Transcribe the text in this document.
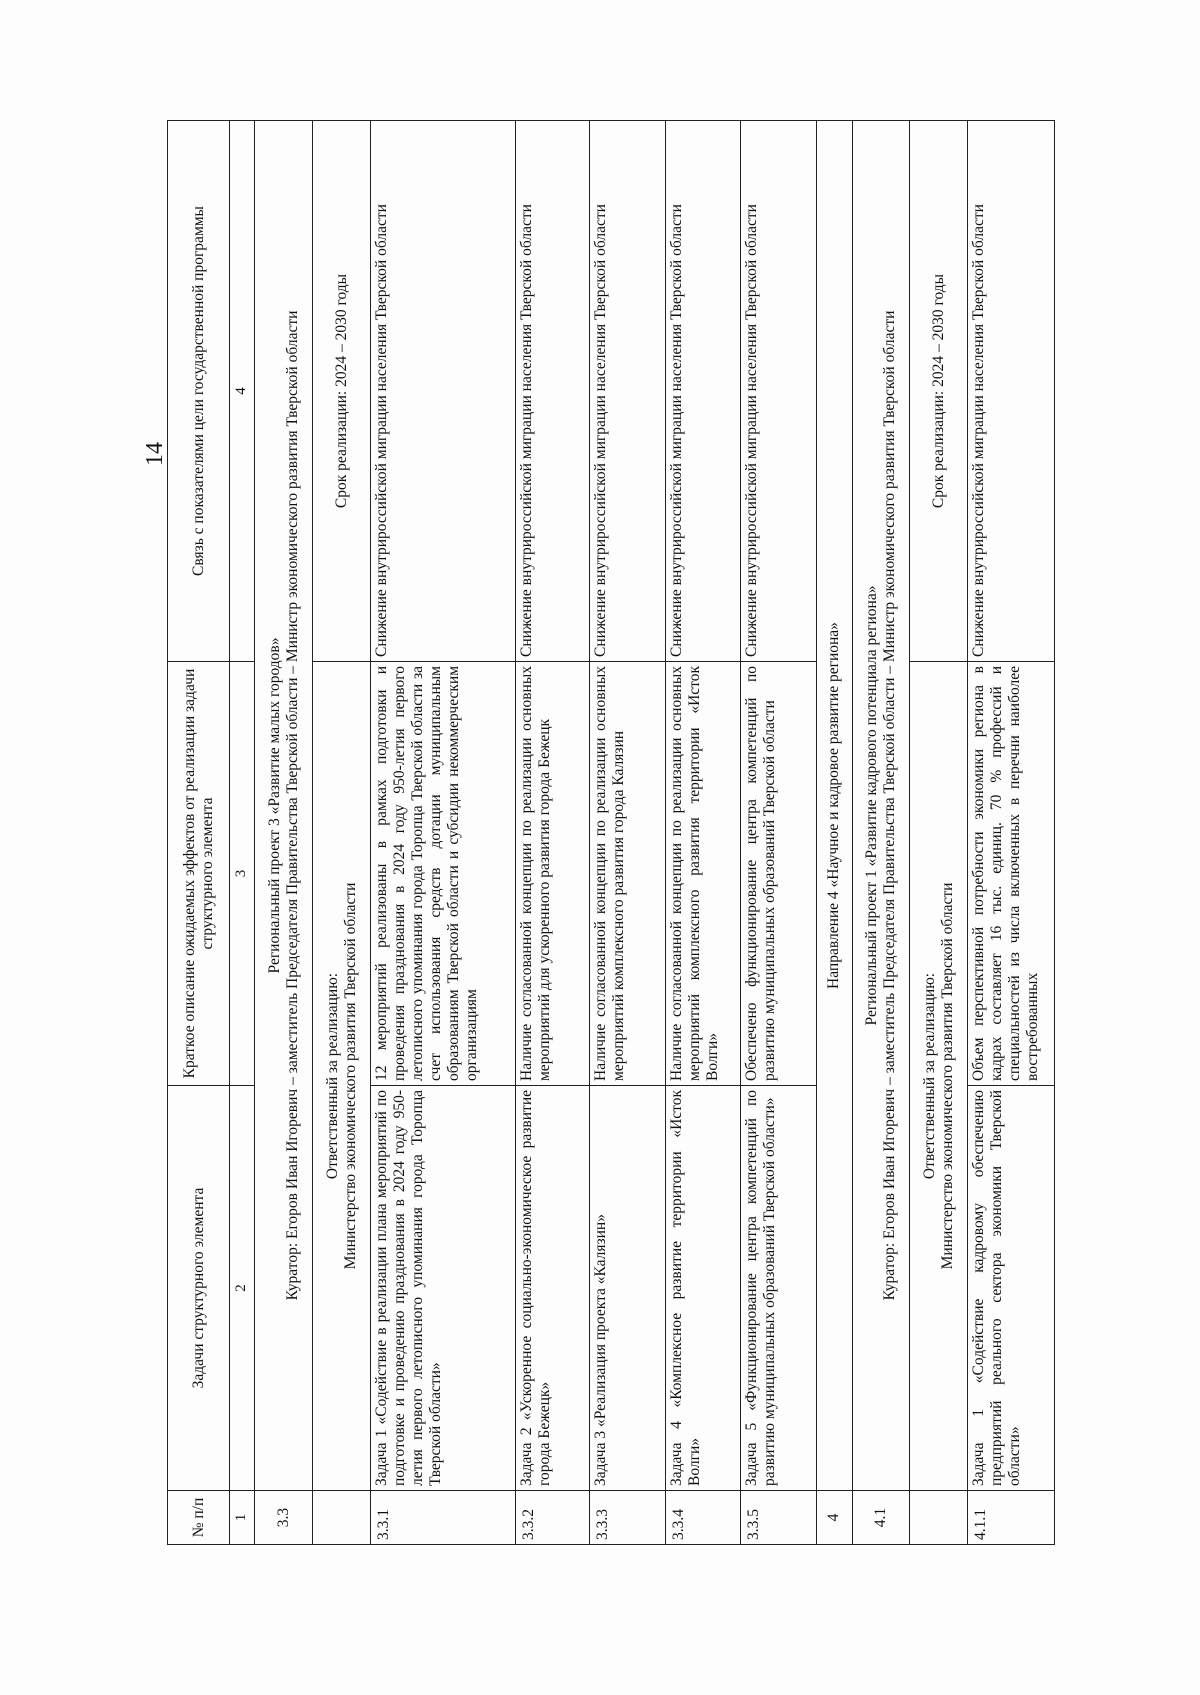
14
№ п/п	Задачи структурного элемента	Краткое описание ожидаемых эффектов от реализации задачи структурного элемента	Связь с показателями цели государственной программы
1	2	3	4
3.3	Региональный проект 3 «Развитие малых городов» Куратор: Егоров Иван Игоревич – заместитель Председателя Правительства Тверской области – Министр экономического развития Тверской области		

	Ответственный за реализацию: Министерство экономического развития Тверской области		Срок реализации: 2024 – 2030 годы
3.3.1	Задача 1 «Содействие в реализации плана мероприятий по подготовке и проведению празднования в 2024 году 950-летия первого летописного упоминания города Торопца Тверской области»	12 мероприятий реализованы в рамках подготовки и проведения празднования в 2024 году 950-летия первого летописного упоминания города Торопца Тверской области за счет использования средств дотации муниципальным образованиям Тверской области и субсидии некоммерческим организациям	Снижение внутрироссийской миграции населения Тверской области
3.3.2	Задача 2 «Ускоренное социально-экономическое развитие города Бежецк»	Наличие согласованной концепции по реализации основных мероприятий для ускоренного развития города Бежецк	Снижение внутрироссийской миграции населения Тверской области
3.3.3	Задача 3 «Реализация проекта «Калязин»	Наличие согласованной концепции по реализации основных мероприятий комплексного развития города Калязин	Снижение внутрироссийской миграции населения Тверской области
3.3.4	Задача 4 «Комплексное развитие территории «Исток Волги»	Наличие согласованной концепции по реализации основных мероприятий комплексного развития территории «Исток Волги»	Снижение внутрироссийской миграции населения Тверской области
3.3.5	Задача 5 «Функционирование центра компетенций по развитию муниципальных образований Тверской области»	Обеспечено функционирование центра компетенций по развитию муниципальных образований Тверской области	Снижение внутрироссийской миграции населения Тверской области
4	Направление 4 «Научное и кадровое развитие региона»		
4.1	Региональный проект 1 «Развитие кадрового потенциала региона» Куратор: Егоров Иван Игоревич – заместитель Председателя Правительства Тверской области – Министр экономического развития Тверской области		

	Ответственный за реализацию: Министерство экономического развития Тверской области		Срок реализации: 2024 – 2030 годы
4.1.1	Задача 1 «Содействие кадровому обеспечению предприятий реального сектора экономики Тверской области»	Объем перспективной потребности экономики региона в кадрах составляет 16 тыс. единиц. 70 % профессий и специальностей из числа включенных в перечни наиболее востребованных	Снижение внутрироссийской миграции населения Тверской области
